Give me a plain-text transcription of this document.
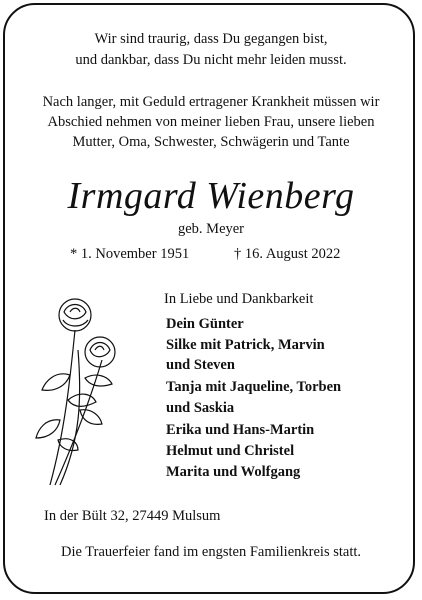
Wir sind traurig, dass Du gegangen bist,
und dankbar, dass Du nicht mehr leiden musst.
Nach langer, mit Geduld ertragener Krankheit müssen wir
Abschied nehmen von meiner lieben Frau, unsere lieben
Mutter, Oma, Schwester, Schwägerin und Tante
Irmgard Wienberg
geb. Meyer
* 1. November 1951	† 16. August 2022
In Liebe und Dankbarkeit
Dein Günter
Silke mit Patrick, Marvin
und Steven
Tanja mit Jaqueline, Torben
und Saskia
Erika und Hans-Martin
Helmut und Christel
Marita und Wolfgang
In der Bült 32, 27449 Mulsum
Die Trauerfeier fand im engsten Familienkreis statt.
